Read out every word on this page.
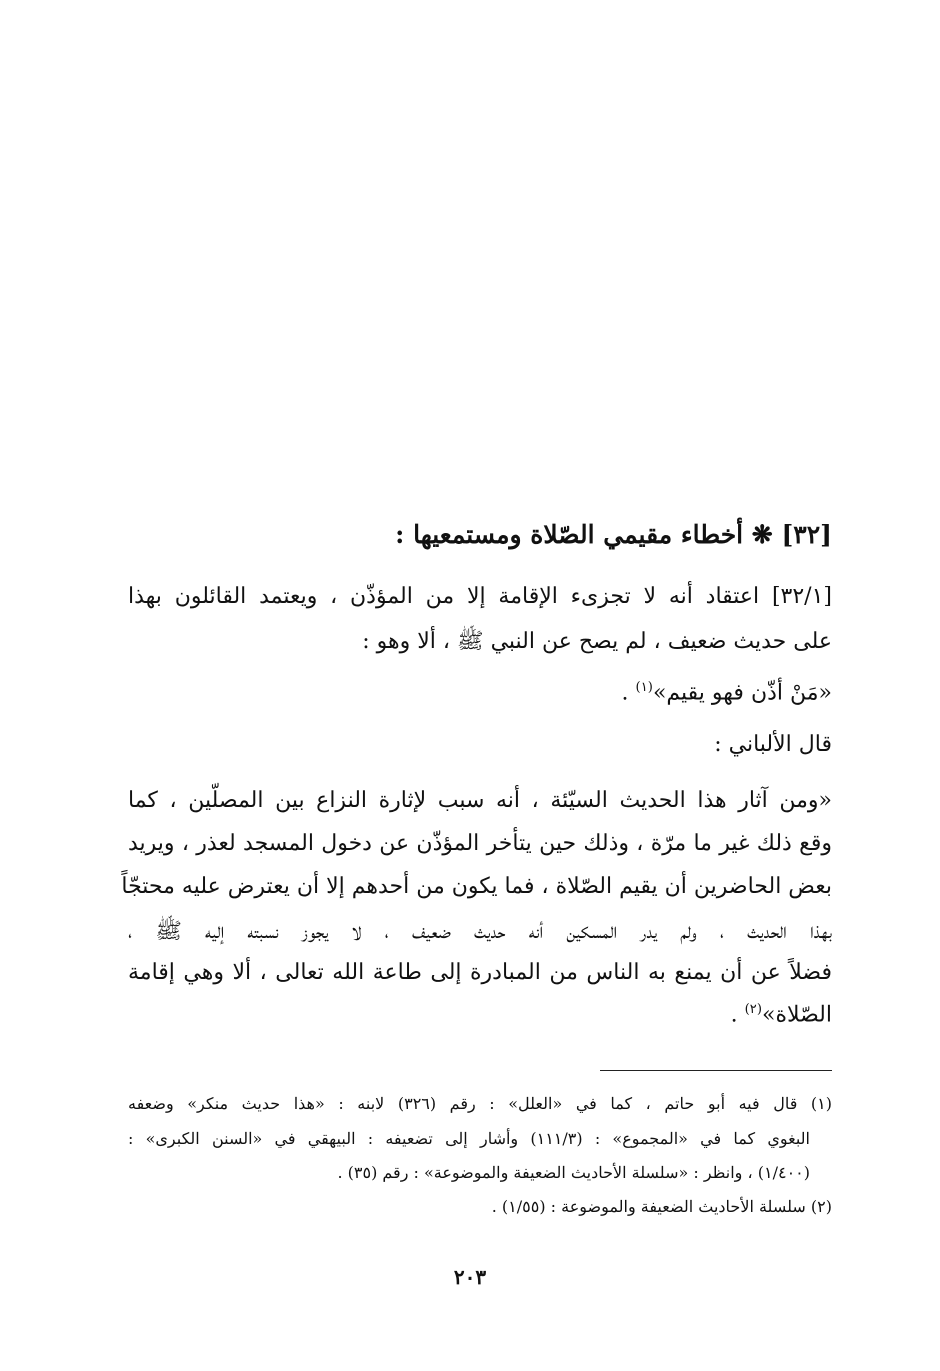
[٣٢] ❋ أخطاء مقيمي الصّلاة ومستمعيها :
[٣٢/١] اعتقاد أنه لا تجزىء الإقامة إلا من المؤذّن ، ويعتمد القائلون بهذا
على حديث ضعيف ، لم يصح عن النبي ﷺ ، ألا وهو :
«مَنْ أذّن فهو يقيم»$^{(١)}$ .
قال الألباني :
«ومن آثار هذا الحديث السيّئة ، أنه سبب لإثارة النزاع بين المصلّين ، كما
وقع ذلك غير ما مرّة ، وذلك حين يتأخر المؤذّن عن دخول المسجد لعذر ، ويريد
بعض الحاضرين أن يقيم الصّلاة ، فما يكون من أحدهم إلا أن يعترض عليه محتجّاً
بهذا الحديث ، ولم يدر المسكين أنه حديث ضعيف ، لا يجوز نسبته إليه ﷺ ،
فضلاً عن أن يمنع به الناس من المبادرة إلى طاعة الله تعالى ، ألا وهي إقامة
الصّلاة»$^{(٢)}$ .
(١) قال فيه أبو حاتم ، كما في «العلل» : رقم (٣٢٦) لابنه : «هذا حديث منكر» وضعفه
البغوي كما في «المجموع» : (١١١/٣) وأشار إلى تضعيفه : البيهقي في «السنن الكبرى» :
(١/٤٠٠) ، وانظر : «سلسلة الأحاديث الضعيفة والموضوعة» : رقم (٣٥) .
(٢) سلسلة الأحاديث الضعيفة والموضوعة : (١/٥٥) .
٢٠٣
